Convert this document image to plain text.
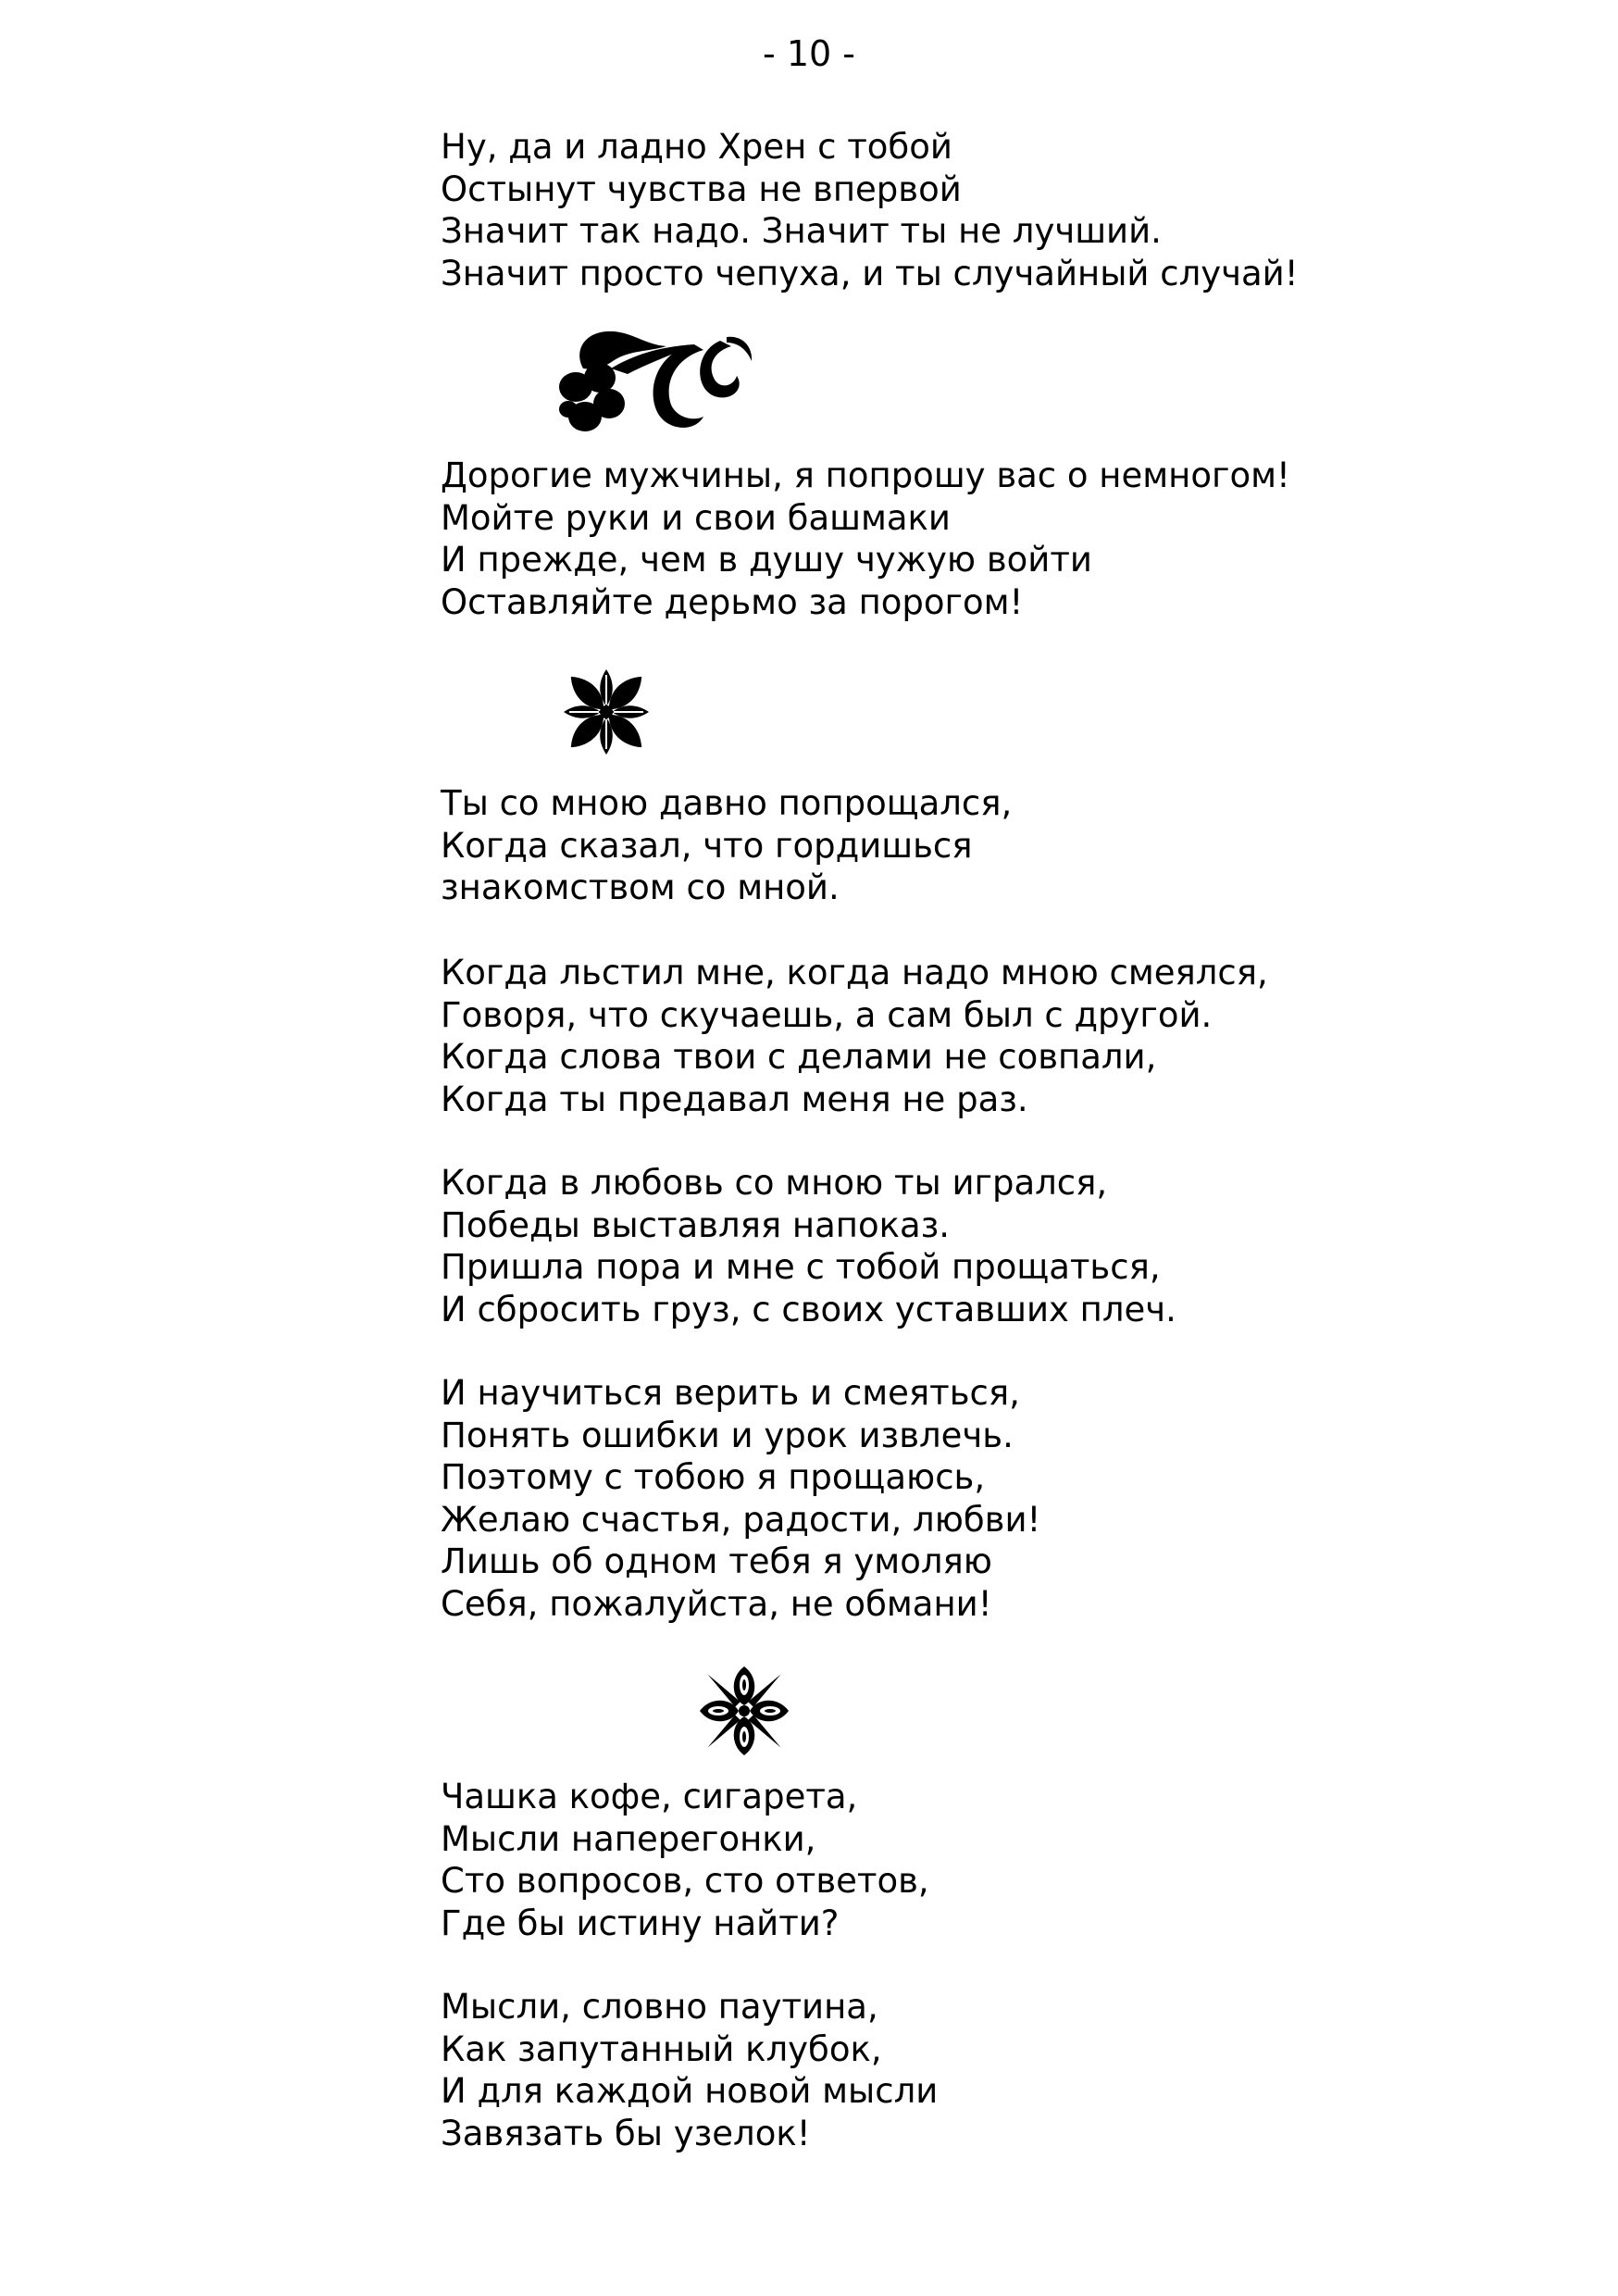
- 10 -
Ну, да и ладно Хрен с тобой
Остынут чувства не впервой
Значит так надо. Значит ты не лучший.
Значит просто чепуха, и ты случайный случай!
Дорогие мужчины, я попрошу вас о немногом!
Мойте руки и свои башмаки
И прежде, чем в душу чужую войти
Оставляйте дерьмо за порогом!
Ты со мною давно попрощался,
Когда сказал, что гордишься
знакомством со мной.
Когда льстил мне, когда надо мною смеялся,
Говоря, что скучаешь, а сам был с другой.
Когда слова твои с делами не совпали,
Когда ты предавал меня не раз.
Когда в любовь со мною ты игрался,
Победы выставляя напоказ.
Пришла пора и мне с тобой прощаться,
И сбросить груз, с своих уставших плеч.
И научиться верить и смеяться,
Понять ошибки и урок извлечь.
Поэтому с тобою я прощаюсь,
Желаю счастья, радости, любви!
Лишь об одном тебя я умоляю
Себя, пожалуйста, не обмани!
Чашка кофе, сигарета,
Мысли наперегонки,
Сто вопросов, сто ответов,
Где бы истину найти?
Мысли, словно паутина,
Как запутанный клубок,
И для каждой новой мысли
Завязать бы узелок!
